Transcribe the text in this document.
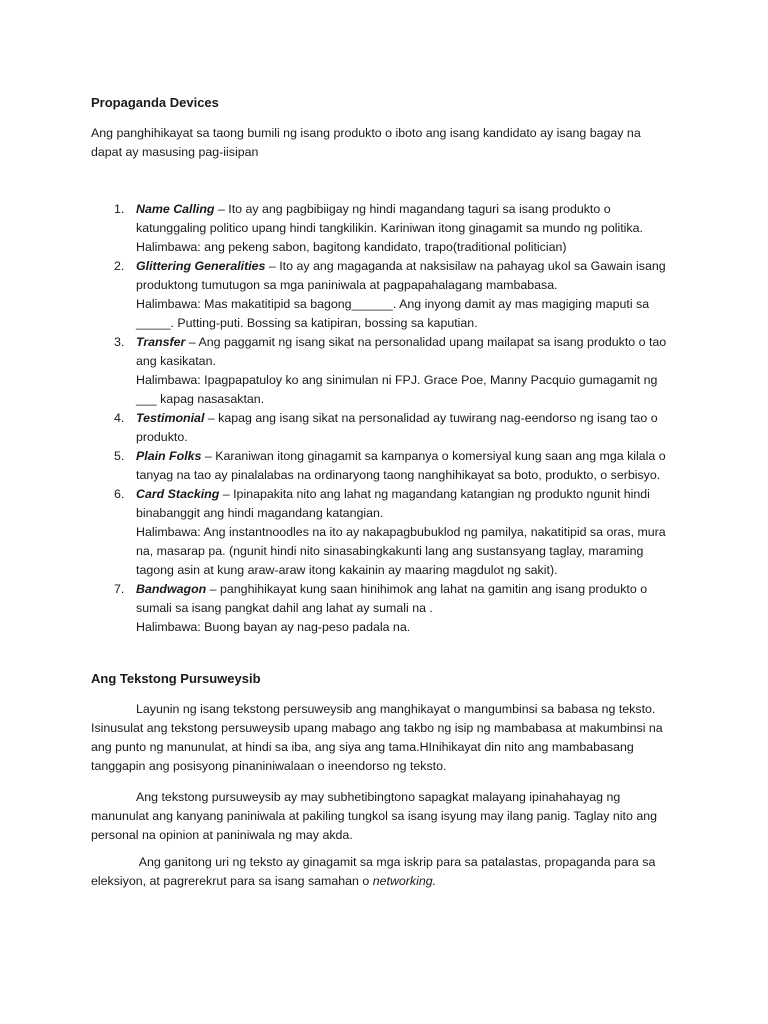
Propaganda Devices

Ang panghihikayat sa taong bumili ng isang produkto o iboto ang isang kandidato ay isang bagay na dapat ay masusing pag-iisipan

1. Name Calling – Ito ay ang pagbibiigay ng hindi magandang taguri sa isang produkto o katunggaling politico upang hindi tangkilikin. Kariniwan itong ginagamit sa mundo ng politika.
Halimbawa: ang pekeng sabon, bagitong kandidato, trapo(traditional politician)
2. Glittering Generalities – Ito ay ang magaganda at naksisilaw na pahayag ukol sa Gawain isang produktong tumutugon sa mga paniniwala at pagpapahalagang mambabasa.
Halimbawa: Mas makatitipid sa bagong______. Ang inyong damit ay mas magiging maputi sa _____. Putting-puti. Bossing sa katipiran, bossing sa kaputian.
3. Transfer – Ang paggamit ng isang sikat na personalidad upang mailapat sa isang produkto o tao ang kasikatan.
Halimbawa: Ipagpapatuloy ko ang sinimulan ni FPJ. Grace Poe, Manny Pacquio gumagamit ng ___ kapag nasasaktan.
4. Testimonial – kapag ang isang sikat na personalidad ay tuwirang nag-eendorso ng isang tao o produkto.
5. Plain Folks – Karaniwan itong ginagamit sa kampanya o komersiyal kung saan ang mga kilala o tanyag na tao ay pinalalabas na ordinaryong taong nanghihikayat sa boto, produkto, o serbisyo.
6. Card Stacking – Ipinapakita nito ang lahat ng magandang katangian ng produkto ngunit hindi binabanggit ang hindi magandang katangian.
Halimbawa: Ang instantnoodles na ito ay nakapagbubuklod ng pamilya, nakatitipid sa oras, mura na, masarap pa. (ngunit hindi nito sinasabingkakunti lang ang sustansyang taglay, maraming tagong asin at kung araw-araw itong kakainin ay maaring magdulot ng sakit).
7. Bandwagon – panghihikayat kung saan hinihimok ang lahat na gamitin ang isang produkto o sumali sa isang pangkat dahil ang lahat ay sumali na .
Halimbawa: Buong bayan ay nag-peso padala na.
Ang Tekstong Pursuweysib

Layunin ng isang tekstong persuweysib ang manghikayat o mangumbinsi sa babasa ng teksto. Isinusulat ang tekstong persuweysib upang mabago ang takbo ng isip ng mambabasa at makumbinsi na ang punto ng manunulat, at hindi sa iba, ang siya ang tama.HInihikayat din nito ang mambabasang tanggapin ang posisyong pinaniniwalaan o ineendorso ng teksto.

Ang tekstong pursuweysib ay may subhetibingtono sapagkat malayang ipinahahayag ng manunulat ang kanyang paniniwala at pakiling tungkol sa isang isyung may ilang panig. Taglay nito ang personal na opinion at paniniwala ng may akda.

Ang ganitong uri ng teksto ay ginagamit sa mga iskrip para sa patalastas, propaganda para sa eleksiyon, at pagrerekrut para sa isang samahan o networking.
